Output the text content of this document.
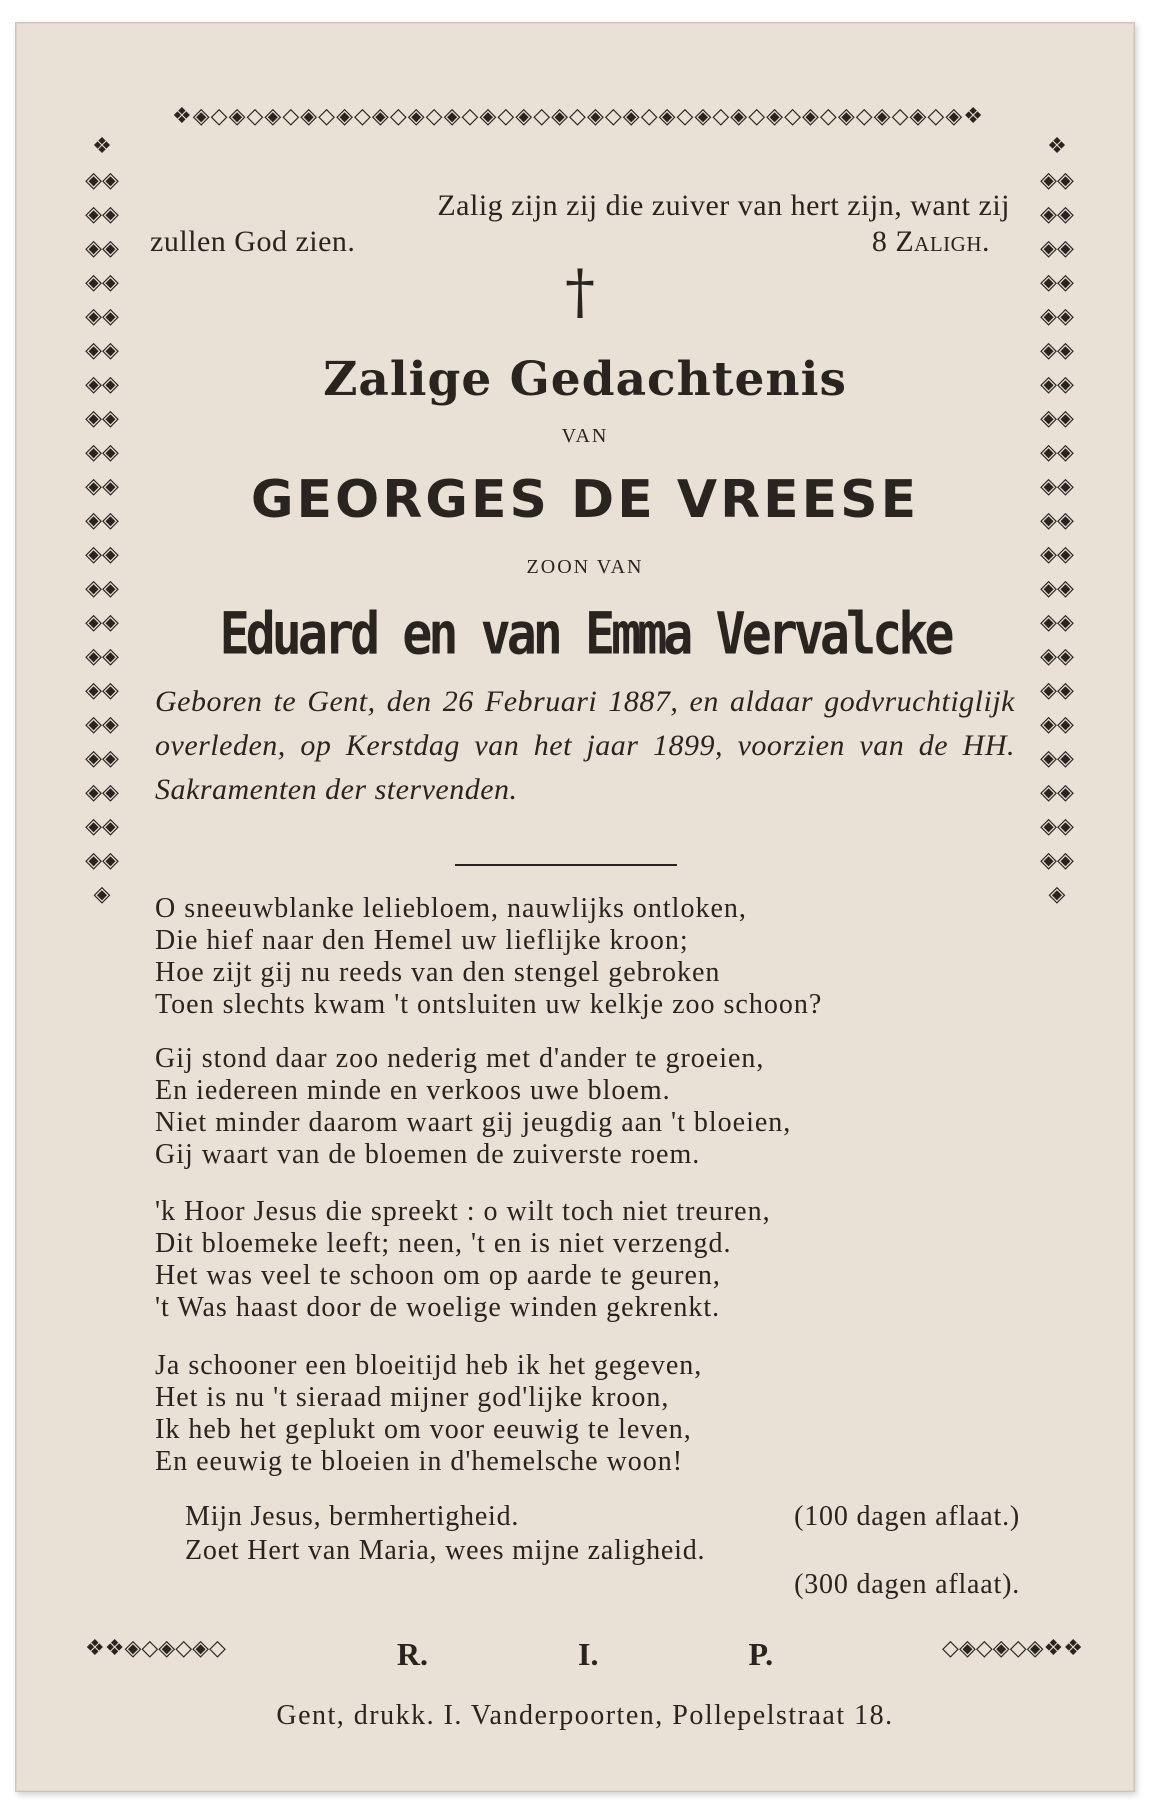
❖◈◇◈◇◈◇◈◇◈◇◈◇◈◇◈◇◈◇◈◇◈◇◈◇◈◇◈◇◈◇◈◇◈◇◈◇◈◇◈◇◈◇◈❖
❖◈◈◈◈◈◈◈◈◈◈◈◈◈◈◈◈◈◈◈◈◈◈◈◈◈◈◈◈◈◈◈◈◈◈◈◈◈◈◈◈◈◈◈
❖◈◈◈◈◈◈◈◈◈◈◈◈◈◈◈◈◈◈◈◈◈◈◈◈◈◈◈◈◈◈◈◈◈◈◈◈◈◈◈◈◈◈◈
❖❖◈◇◈◇◈◇	◇◈◇◈◇◈❖❖
Zalig zijn zij die zuiver van hert zijn, want zij
zullen God zien.	8 Zaligh.
†
Zalige Gedachtenis
VAN
GEORGES DE VREESE
ZOON VAN
Eduard en van Emma Vervalcke
Geboren te Gent, den 26 Februari 1887, en aldaar godvruchtiglijk overleden, op Kerstdag van het jaar 1899, voorzien van de HH. Sakramenten der stervenden.
O sneeuwblanke leliebloem, nauwlijks ontloken,
Die hief naar den Hemel uw lieflijke kroon;
Hoe zijt gij nu reeds van den stengel gebroken
Toen slechts kwam 't ontsluiten uw kelkje zoo schoon?
Gij stond daar zoo nederig met d'ander te groeien,
En iedereen minde en verkoos uwe bloem.
Niet minder daarom waart gij jeugdig aan 't bloeien,
Gij waart van de bloemen de zuiverste roem.
'k Hoor Jesus die spreekt : o wilt toch niet treuren,
Dit bloemeke leeft; neen, 't en is niet verzengd.
Het was veel te schoon om op aarde te geuren,
't Was haast door de woelige winden gekrenkt.
Ja schooner een bloeitijd heb ik het gegeven,
Het is nu 't sieraad mijner god'lijke kroon,
Ik heb het geplukt om voor eeuwig te leven,
En eeuwig te bloeien in d'hemelsche woon!
Mijn Jesus, bermhertigheid.	(100 dagen aflaat.)
Zoet Hert van Maria, wees mijne zaligheid.
(300 dagen aflaat).
R.	I.	P.
Gent, drukk. I. Vanderpoorten, Pollepelstraat 18.
